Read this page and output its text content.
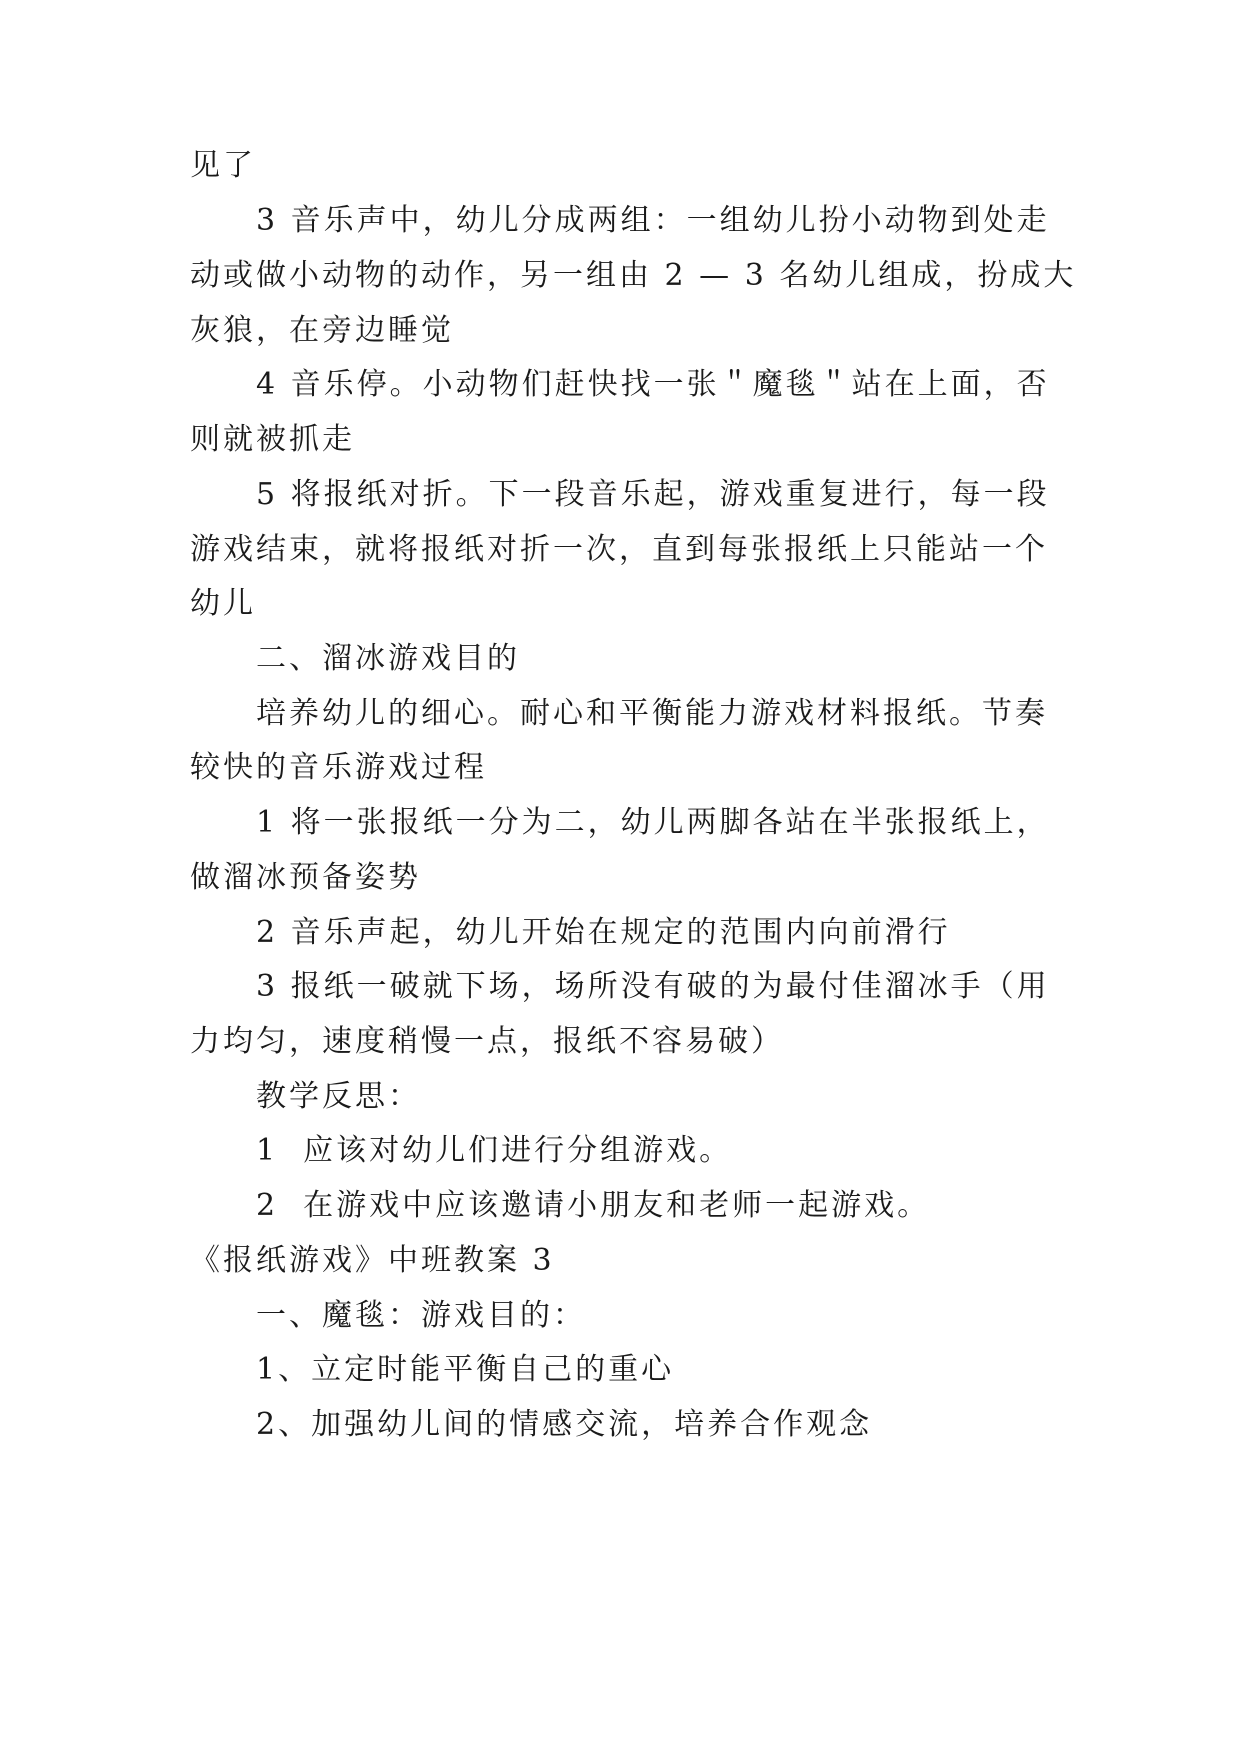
见了
3 音乐声中，幼儿分成两组：一组幼儿扮小动物到处走
动或做小动物的动作，另一组由 2 — 3 名幼儿组成，扮成大
灰狼，在旁边睡觉
4 音乐停。小动物们赶快找一张＂魔毯＂站在上面，否
则就被抓走
5 将报纸对折。下一段音乐起，游戏重复进行，每一段
游戏结束，就将报纸对折一次，直到每张报纸上只能站一个
幼儿
二、溜冰游戏目的
培养幼儿的细心。耐心和平衡能力游戏材料报纸。节奏
较快的音乐游戏过程
1 将一张报纸一分为二，幼儿两脚各站在半张报纸上，
做溜冰预备姿势
2 音乐声起，幼儿开始在规定的范围内向前滑行
3 报纸一破就下场，场所没有破的为最付佳溜冰手（用
力均匀，速度稍慢一点，报纸不容易破）
教学反思：
1  应该对幼儿们进行分组游戏。
2  在游戏中应该邀请小朋友和老师一起游戏。
《报纸游戏》中班教案 3
一、魔毯：游戏目的：
1、立定时能平衡自己的重心
2、加强幼儿间的情感交流，培养合作观念
